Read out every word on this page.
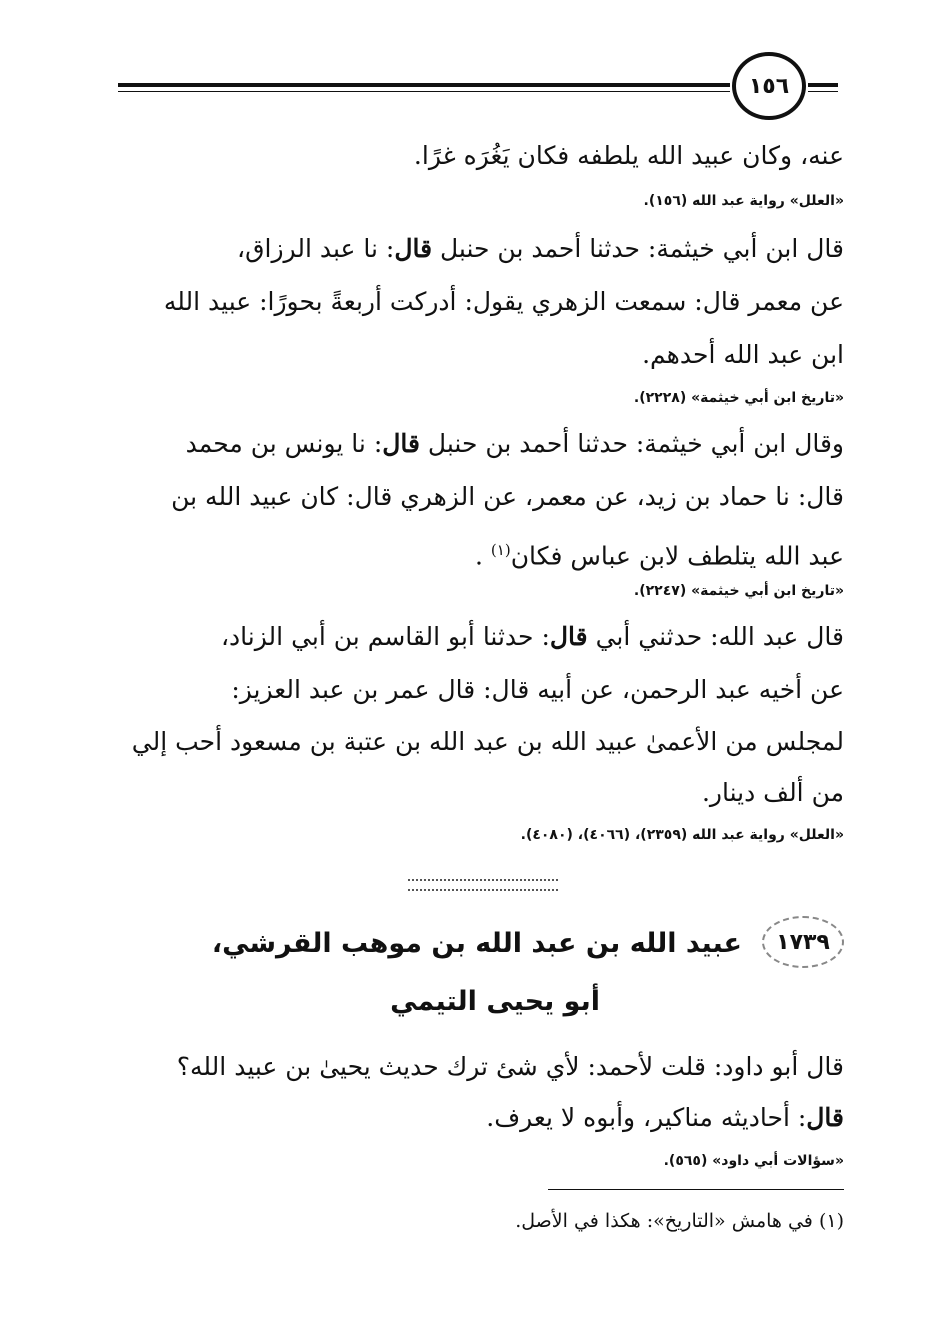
١٥٦
عنه، وكان عبيد الله يلطفه فكان يَغُرَه غرًا.
«العلل» رواية عبد الله (١٥٦).
قال ابن أبي خيثمة: حدثنا أحمد بن حنبل قال: نا عبد الرزاق،
عن معمر قال: سمعت الزهري يقول: أدركت أربعةً بحورًا: عبيد الله
ابن عبد الله أحدهم.
«تاريخ ابن أبي خيثمة» (٢٢٢٨).
وقال ابن أبي خيثمة: حدثنا أحمد بن حنبل قال: نا يونس بن محمد
قال: نا حماد بن زيد، عن معمر، عن الزهري قال: كان عبيد الله بن
عبد الله يتلطف لابن عباس فكان$^{(١)}$ .
«تاريخ ابن أبي خيثمة» (٢٢٤٧).
قال عبد الله: حدثني أبي قال: حدثنا أبو القاسم بن أبي الزناد،
عن أخيه عبد الرحمن، عن أبيه قال: قال عمر بن عبد العزيز:
لمجلس من الأعمىٰ عبيد الله بن عبد الله بن عتبة بن مسعود أحب إلي
من ألف دينار.
«العلل» رواية عبد الله (٢٣٥٩)، (٤٠٦٦)، (٤٠٨٠).
١٧٣٩
عبيد الله بن عبد الله بن موهب القرشي،
أبو يحيى التيمي
قال أبو داود: قلت لأحمد: لأي شئ ترك حديث يحيىٰ بن عبيد الله؟
قال: أحاديثه مناكير، وأبوه لا يعرف.
«سؤالات أبي داود» (٥٦٥).
(١) في هامش «التاريخ»: هكذا في الأصل.
